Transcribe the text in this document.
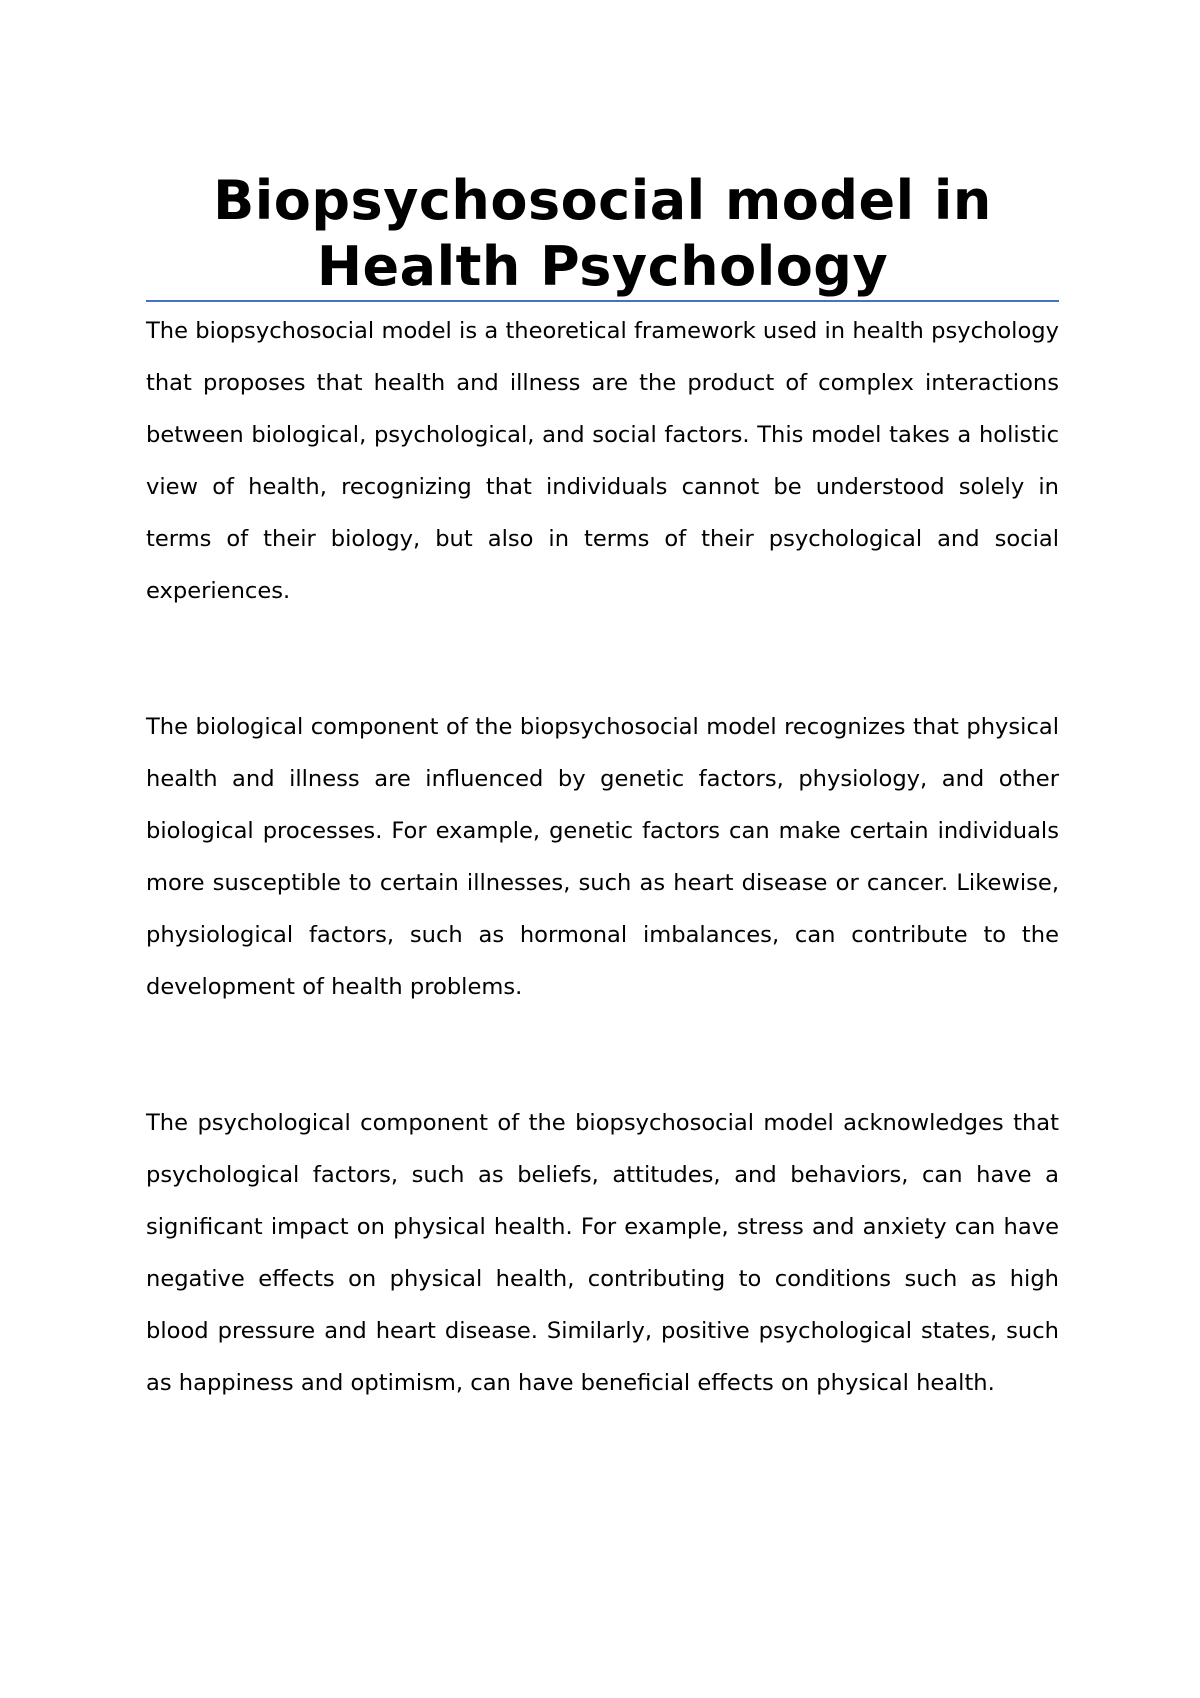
Biopsychosocial model in
Health Psychology

The biopsychosocial model is a theoretical framework used in health psychology that proposes that health and illness are the product of complex interactions between biological, psychological, and social factors. This model takes a holistic view of health, recognizing that individuals cannot be understood solely in terms of their biology, but also in terms of their psychological and social experiences.

The biological component of the biopsychosocial model recognizes that physical health and illness are influenced by genetic factors, physiology, and other biological processes. For example, genetic factors can make certain individuals more susceptible to certain illnesses, such as heart disease or cancer. Likewise, physiological factors, such as hormonal imbalances, can contribute to the development of health problems.

The psychological component of the biopsychosocial model acknowledges that psychological factors, such as beliefs, attitudes, and behaviors, can have a significant impact on physical health. For example, stress and anxiety can have negative effects on physical health, contributing to conditions such as high blood pressure and heart disease. Similarly, positive psychological states, such as happiness and optimism, can have beneficial effects on physical health.
